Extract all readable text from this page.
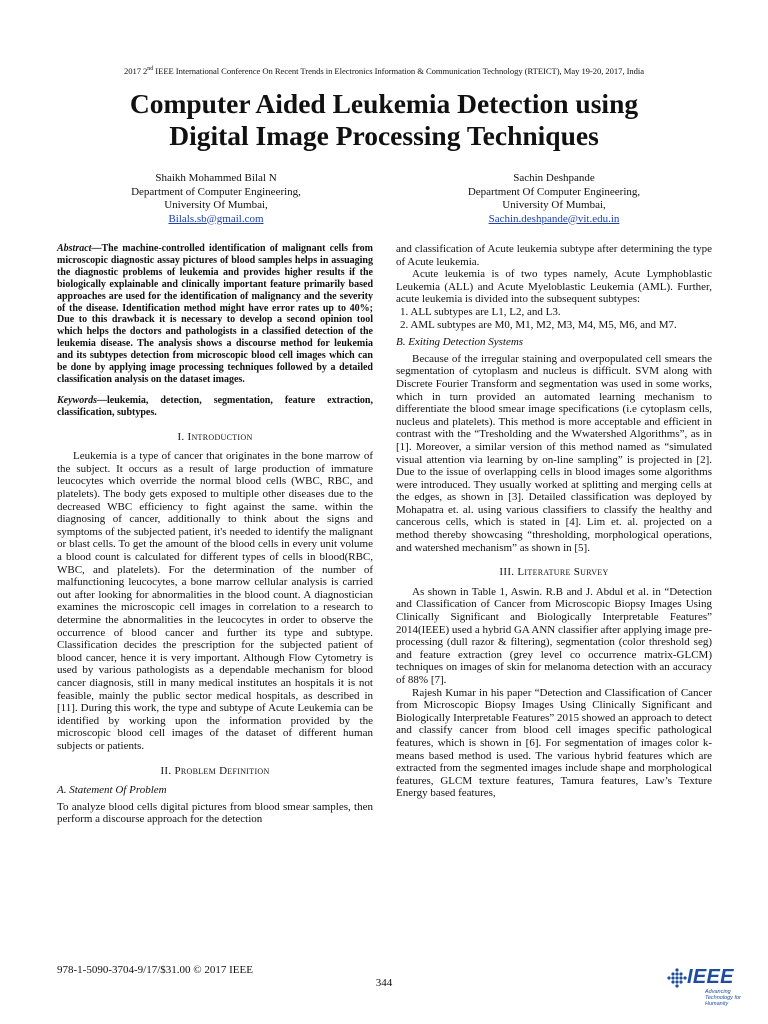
2017 2nd IEEE International Conference On Recent Trends in Electronics Information & Communication Technology (RTEICT), May 19-20, 2017, India
Computer Aided Leukemia Detection using
Digital Image Processing Techniques
Shaikh Mohammed Bilal N
Department of Computer Engineering,
University Of Mumbai,
Bilals.sb@gmail.com
Sachin Deshpande
Department Of Computer Engineering,
University Of Mumbai,
Sachin.deshpande@vit.edu.in

Abstract—The machine-controlled identification of malignant cells from microscopic diagnostic assay pictures of blood samples helps in assuaging the diagnostic problems of leukemia and provides higher results if the biologically explainable and clinically important feature primarily based approaches are used for the identification of malignancy and the severity of the disease. Identification method might have error rates up to 40%; Due to this drawback it is necessary to develop a second opinion tool which helps the doctors and pathologists in a classified detection of the leukemia disease. The analysis shows a discourse method for leukemia and its subtypes detection from microscopic blood cell images which can be done by applying image processing techniques followed by a detailed classification analysis on the dataset images.

Keywords—leukemia, detection, segmentation, feature extraction, classification, subtypes.

I. Introduction

Leukemia is a type of cancer that originates in the bone marrow of the subject. It occurs as a result of large production of immature leucocytes which override the normal blood cells (WBC, RBC, and platelets). The body gets exposed to multiple other diseases due to the decreased WBC efficiency to fight against the same. within the diagnosing of cancer, additionally to think about the signs and symptoms of the subjected patient, it's needed to identify the malignant or blast cells. To get the amount of the blood cells in every unit volume a blood count is calculated for different types of cells in blood(RBC, WBC, and platelets). For the determination of the number of malfunctioning leucocytes, a bone marrow cellular analysis is carried out after looking for abnormalities in the blood count. A diagnostician examines the microscopic cell images in correlation to a research to determine the abnormalities in the leucocytes in order to observe the occurrence of blood cancer and further its type and subtype. Classification decides the prescription for the subjected patient of blood cancer, hence it is very important. Although Flow Cytometry is used by various pathologists as a dependable mechanism for blood cancer diagnosis, still in many medical institutes an hospitals it is not feasible, mainly the public sector medical hospitals, as described in [11]. During this work, the type and subtype of Acute Leukemia can be identified by working upon the information provided by the microscopic blood cell images of the dataset of different human subjects or patients.

II. Problem Definition

A. Statement Of Problem

To analyze blood cells digital pictures from blood smear samples, then perform a discourse approach for the detection

and classification of Acute leukemia subtype after determining the type of Acute leukemia.

Acute leukemia is of two types namely, Acute Lymphoblastic Leukemia (ALL) and Acute Myeloblastic Leukemia (AML). Further, acute leukemia is divided into the subsequent subtypes:

1. ALL subtypes are L1, L2, and L3.

2. AML subtypes are M0, M1, M2, M3, M4, M5, M6, and M7.

B. Exiting Detection Systems

Because of the irregular staining and overpopulated cell smears the segmentation of cytoplasm and nucleus is difficult. SVM along with Discrete Fourier Transform and segmentation was used in some works, which in turn provided an automated learning mechanism to differentiate the blood smear image specifications (i.e cytoplasm cells, nucleus and platelets). This method is more acceptable and efficient in contrast with the “Tresholding and the Wwatershed Algorithms”, as in [1]. Moreover, a similar version of this method named as “simulated visual attention via learning by on-line sampling” is projected in [2]. Due to the issue of overlapping cells in blood images some algorithms were introduced. They usually worked at splitting and merging cells at the edges, as shown in [3]. Detailed classification was deployed by Mohapatra et. al. using various classifiers to classify the healthy and cancerous cells, which is stated in [4]. Lim et. al. projected on a method thereby showcasing “thresholding, morphological operations, and watershed mechanism” as shown in [5].

III. Literature Survey

As shown in Table 1, Aswin. R.B and J. Abdul et al. in “Detection and Classification of Cancer from Microscopic Biopsy Images Using Clinically Significant and Biologically Interpretable Features” 2014(IEEE) used a hybrid GA ANN classifier after applying image pre-processing (dull razor & filtering), segmentation (color threshold seg) and feature extraction (grey level co occurrence matrix-GLCM) techniques on images of skin for melanoma detection with an accuracy of 88% [7].

Rajesh Kumar in his paper “Detection and Classification of Cancer from Microscopic Biopsy Images Using Clinically Significant and Biologically Interpretable Features” 2015 showed an approach to detect and classify cancer from blood cell images specific pathological features, which is shown in [6]. For segmentation of images color k-means based method is used. The various hybrid features which are extracted from the segmented images include shape and morphological features, GLCM texture features, Tamura features, Law’s Texture Energy based features,

978-1-5090-3704-9/17/$31.00 © 2017 IEEE
344	IEEE
Advancing Technology for Humanity
